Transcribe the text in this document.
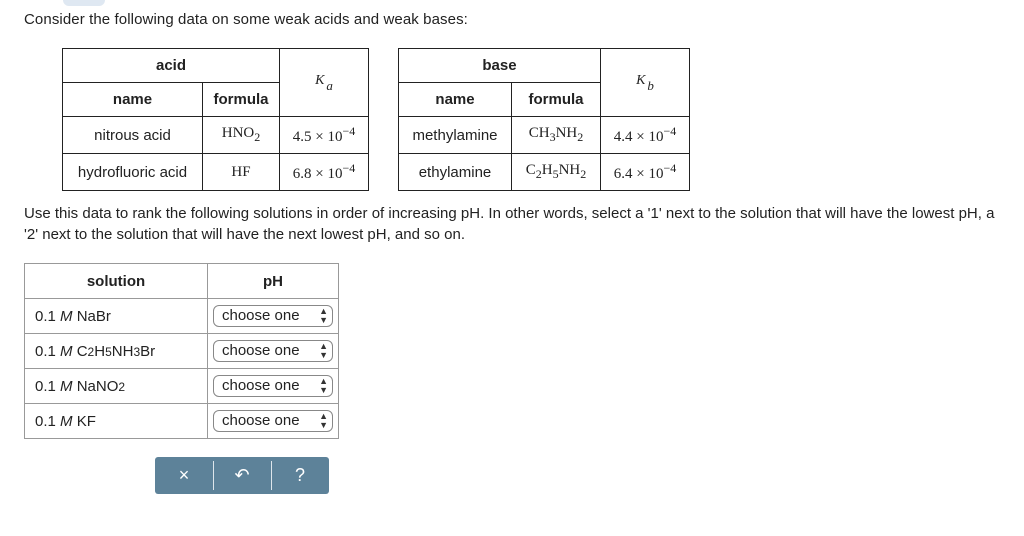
Consider the following data on some weak acids and weak bases:
acid		K $_a$
name	formula	
nitrous acid	$HNO_2$	$4.5 \times 10^{-4}$
hydrofluoric acid	HF	$6.8 \times 10^{-4}$
base		K $_b$
name	formula	
methylamine	$CH_3NH_2$	$4.4 \times 10^{-4}$
ethylamine	$C_2H_5NH_2$	$6.4 \times 10^{-4}$
Use this data to rank the following solutions in order of increasing pH. In other words, select a '1' next to the solution that will have the lowest pH, a '2' next to the solution that will have the next lowest pH, and so on.
solution	pH
0.1 M NaBr	choose one ▲
▼

0.1 M C2H5NH3Br	choose one ▲
▼

0.1 M NaNO2	choose one ▲
▼

0.1 M KF	choose one ▲
▼
×	↶	?
